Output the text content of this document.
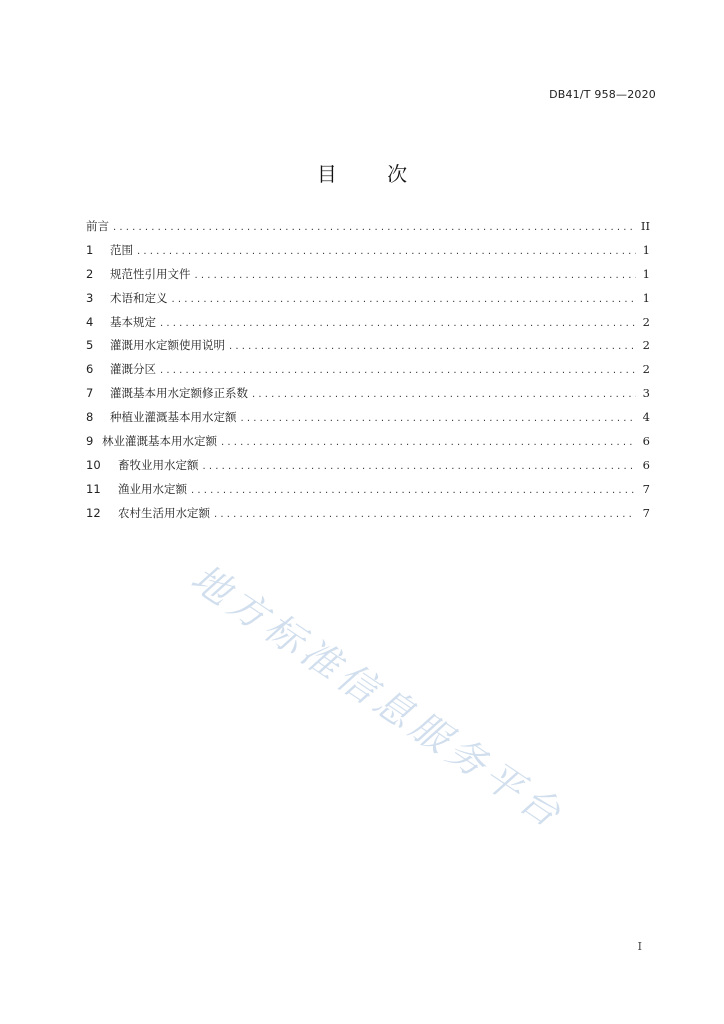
DB41/T 958—2020
目 次
前言 .....	II
1	范围 .....	1
2	规范性引用文件 .....	1
3	术语和定义 .....	1
4	基本规定 .....	2
5	灌溉用水定额使用说明 .....	2
6	灌溉分区 .....	2
7	灌溉基本用水定额修正系数 .....	3
8	种植业灌溉基本用水定额 .....	4
9 林业灌溉基本用水定额 .....	6
10	畜牧业用水定额 .....	6
11	渔业用水定额 .....	7
12	农村生活用水定额 .....	7
地方标准信息服务平台
I
